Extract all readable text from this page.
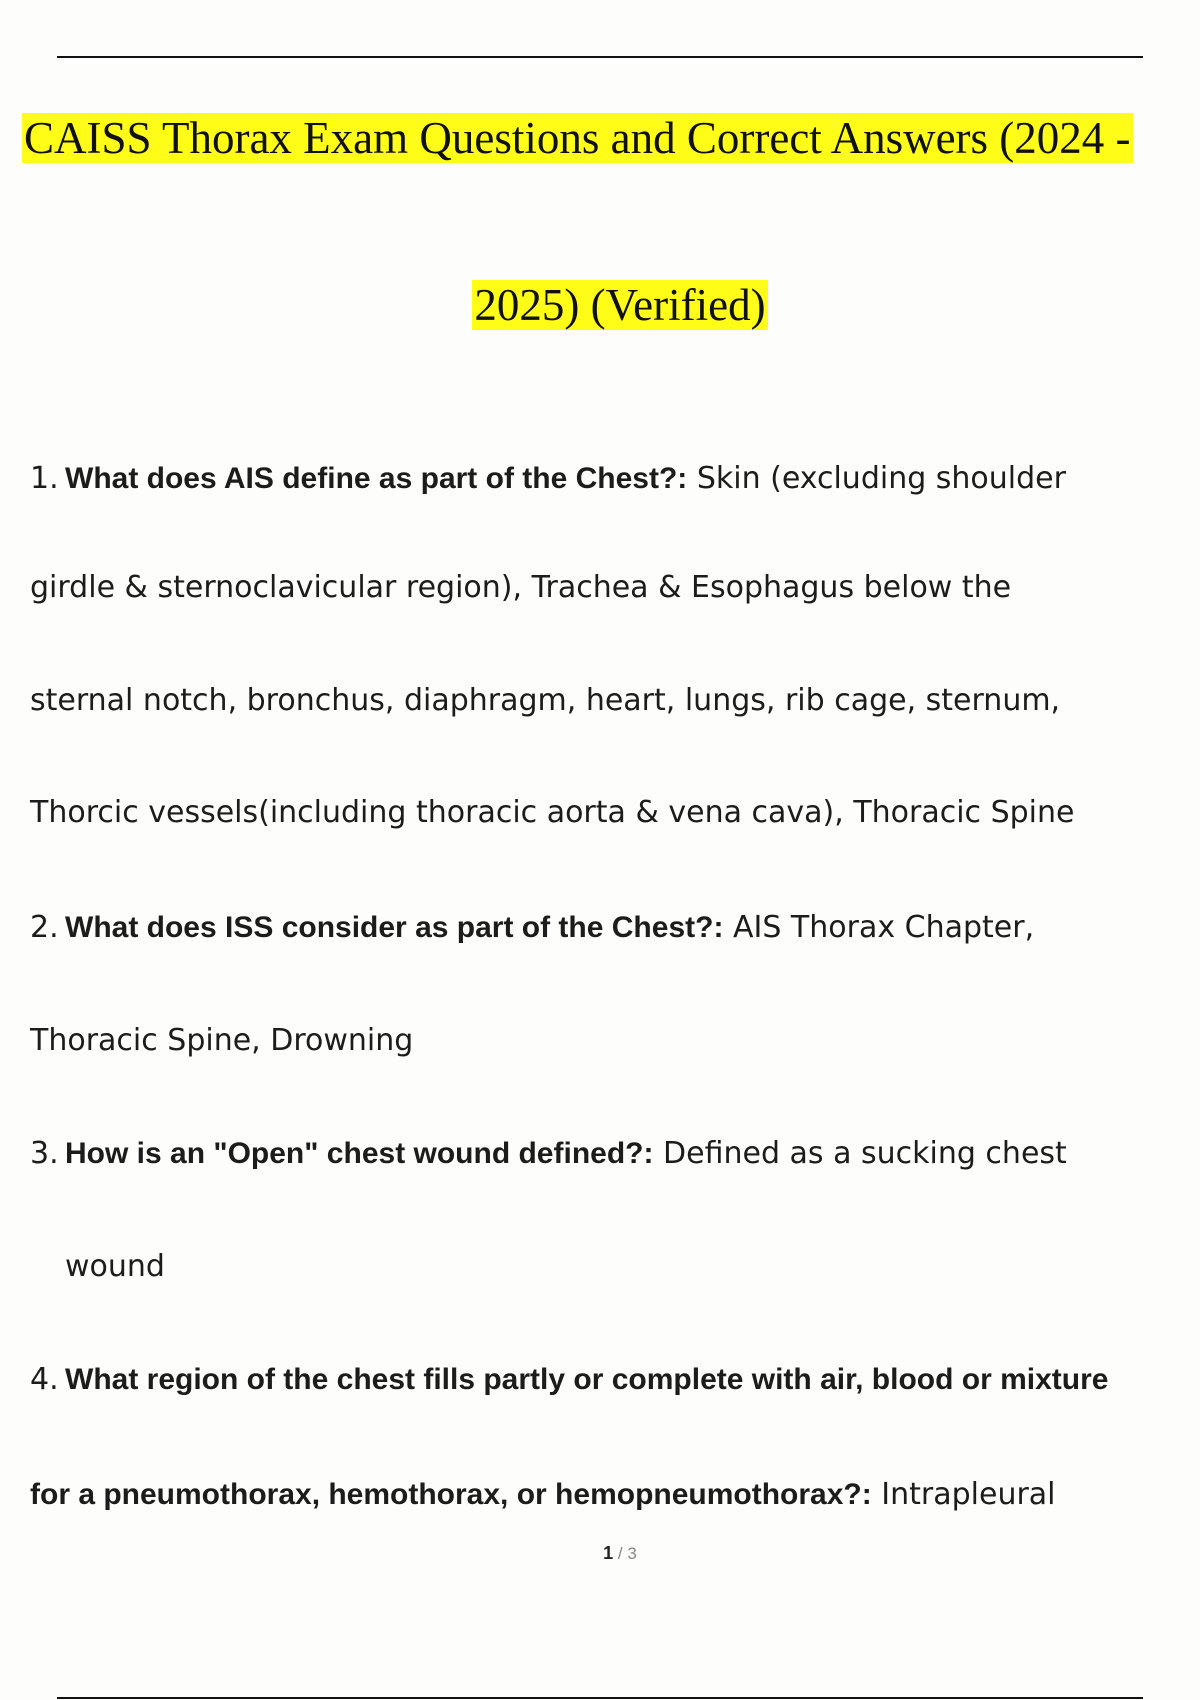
CAISS Thorax Exam Questions and Correct Answers (2024 -
2025) (Verified)
1. What does AIS define as part of the Chest?: Skin (excluding shoulder
girdle & sternoclavicular region), Trachea & Esophagus below the
sternal notch, bronchus, diaphragm, heart, lungs, rib cage, sternum,
Thorcic vessels(including thoracic aorta & vena cava), Thoracic Spine
2. What does ISS consider as part of the Chest?: AIS Thorax Chapter,
Thoracic Spine, Drowning
3. How is an "Open" chest wound defined?: Defined as a sucking chest
wound
4. What region of the chest fills partly or complete with air, blood or mixture
for a pneumothorax, hemothorax, or hemopneumothorax?: Intrapleural
1 / 3
